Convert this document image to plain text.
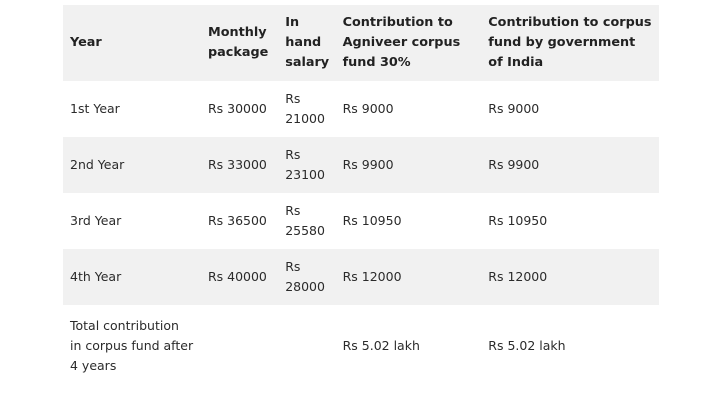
Year	Monthly package	In hand salary	Contribution to Agniveer corpus fund 30%	Contribution to corpus fund by government of India
1st Year	Rs 30000	Rs 21000	Rs 9000	Rs 9000
2nd Year	Rs 33000	Rs 23100	Rs 9900	Rs 9900
3rd Year	Rs 36500	Rs 25580	Rs 10950	Rs 10950
4th Year	Rs 40000	Rs 28000	Rs 12000	Rs 12000
Total contribution in corpus fund after 4 years			Rs 5.02 lakh	Rs 5.02 lakh
